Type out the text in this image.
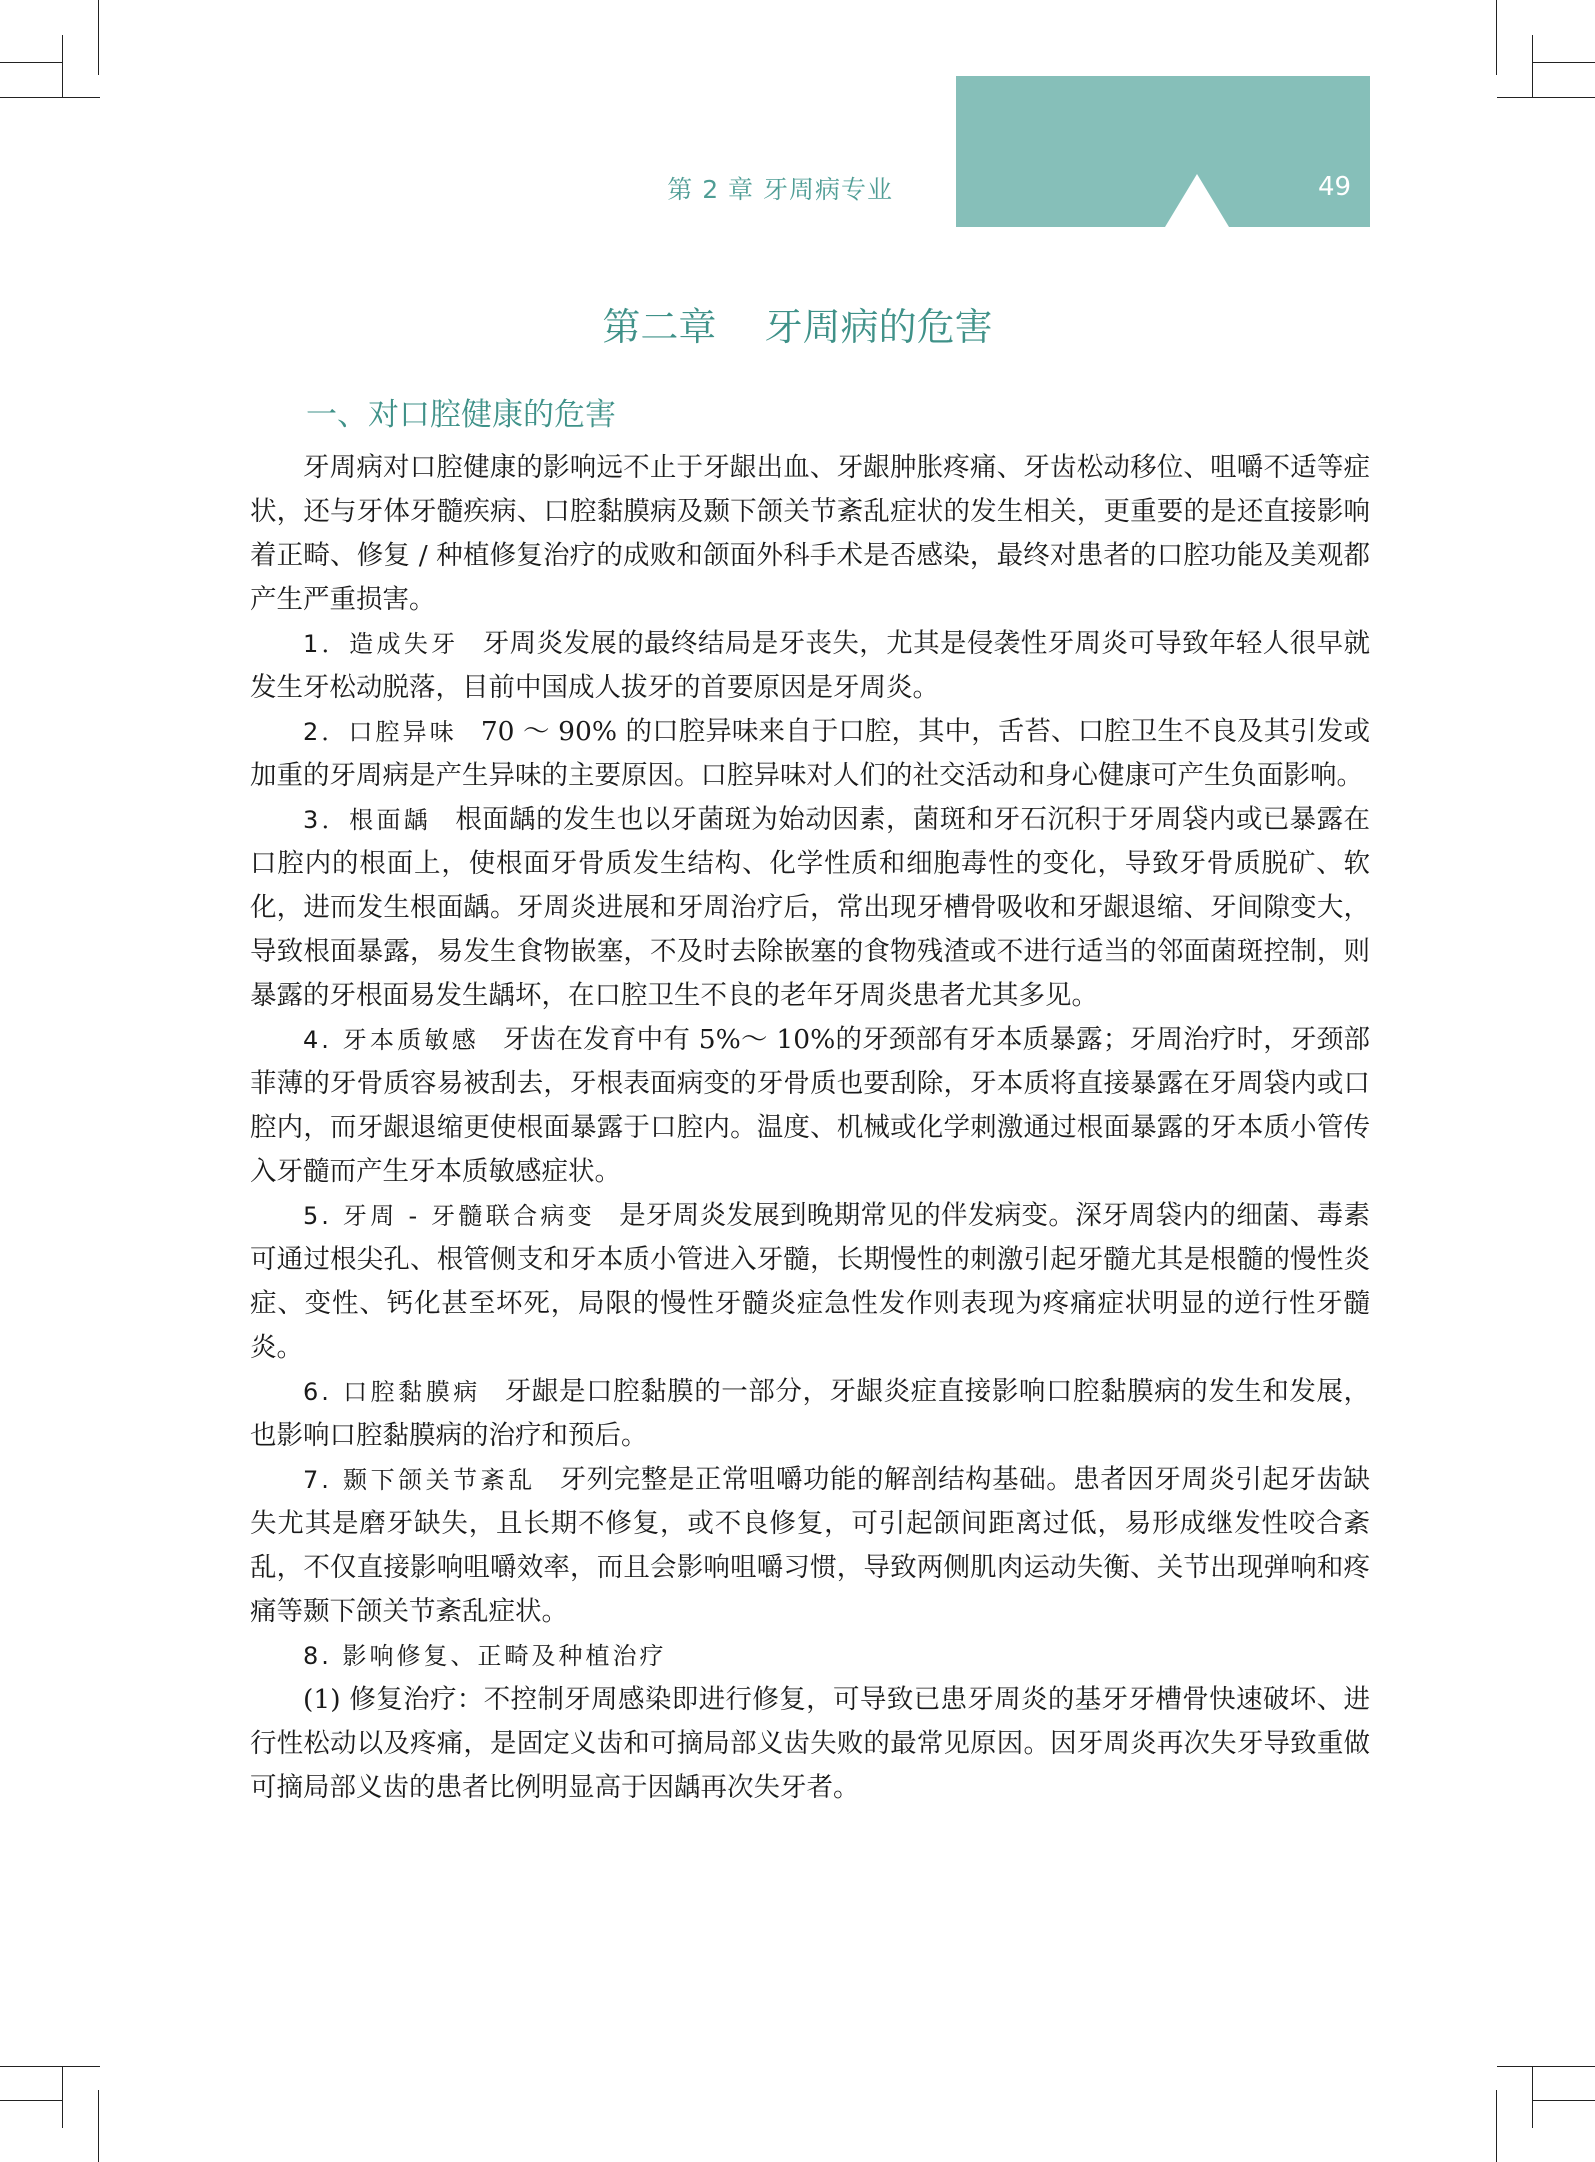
第 2 章 牙周病专业	49
第二章    牙周病的危害
一、对口腔健康的危害

牙周病对口腔健康的影响远不止于牙龈出血、牙龈肿胀疼痛、牙齿松动移位、咀嚼不适等症状，还与牙体牙髓疾病、口腔黏膜病及颞下颌关节紊乱症状的发生相关，更重要的是还直接影响着正畸、修复 / 种植修复治疗的成败和颌面外科手术是否感染，最终对患者的口腔功能及美观都产生严重损害。

1．造成失牙 牙周炎发展的最终结局是牙丧失，尤其是侵袭性牙周炎可导致年轻人很早就发生牙松动脱落，目前中国成人拔牙的首要原因是牙周炎。

2．口腔异味 70 ～ 90% 的口腔异味来自于口腔，其中，舌苔、口腔卫生不良及其引发或加重的牙周病是产生异味的主要原因。口腔异味对人们的社交活动和身心健康可产生负面影响。

3．根面龋 根面龋的发生也以牙菌斑为始动因素，菌斑和牙石沉积于牙周袋内或已暴露在口腔内的根面上，使根面牙骨质发生结构、化学性质和细胞毒性的变化，导致牙骨质脱矿、软化，进而发生根面龋。牙周炎进展和牙周治疗后，常出现牙槽骨吸收和牙龈退缩、牙间隙变大，导致根面暴露，易发生食物嵌塞，不及时去除嵌塞的食物残渣或不进行适当的邻面菌斑控制，则暴露的牙根面易发生龋坏，在口腔卫生不良的老年牙周炎患者尤其多见。

4. 牙本质敏感 牙齿在发育中有 5%～ 10%的牙颈部有牙本质暴露；牙周治疗时，牙颈部菲薄的牙骨质容易被刮去，牙根表面病变的牙骨质也要刮除，牙本质将直接暴露在牙周袋内或口腔内，而牙龈退缩更使根面暴露于口腔内。温度、机械或化学刺激通过根面暴露的牙本质小管传入牙髓而产生牙本质敏感症状。

5. 牙周 - 牙髓联合病变 是牙周炎发展到晚期常见的伴发病变。深牙周袋内的细菌、毒素可通过根尖孔、根管侧支和牙本质小管进入牙髓，长期慢性的刺激引起牙髓尤其是根髓的慢性炎症、变性、钙化甚至坏死，局限的慢性牙髓炎症急性发作则表现为疼痛症状明显的逆行性牙髓炎。

6. 口腔黏膜病 牙龈是口腔黏膜的一部分，牙龈炎症直接影响口腔黏膜病的发生和发展，也影响口腔黏膜病的治疗和预后。

7. 颞下颌关节紊乱 牙列完整是正常咀嚼功能的解剖结构基础。患者因牙周炎引起牙齿缺失尤其是磨牙缺失，且长期不修复，或不良修复，可引起颌间距离过低，易形成继发性咬合紊乱，不仅直接影响咀嚼效率，而且会影响咀嚼习惯，导致两侧肌肉运动失衡、关节出现弹响和疼痛等颞下颌关节紊乱症状。

8. 影响修复、正畸及种植治疗

(1) 修复治疗：不控制牙周感染即进行修复，可导致已患牙周炎的基牙牙槽骨快速破坏、进行性松动以及疼痛，是固定义齿和可摘局部义齿失败的最常见原因。因牙周炎再次失牙导致重做可摘局部义齿的患者比例明显高于因龋再次失牙者。
